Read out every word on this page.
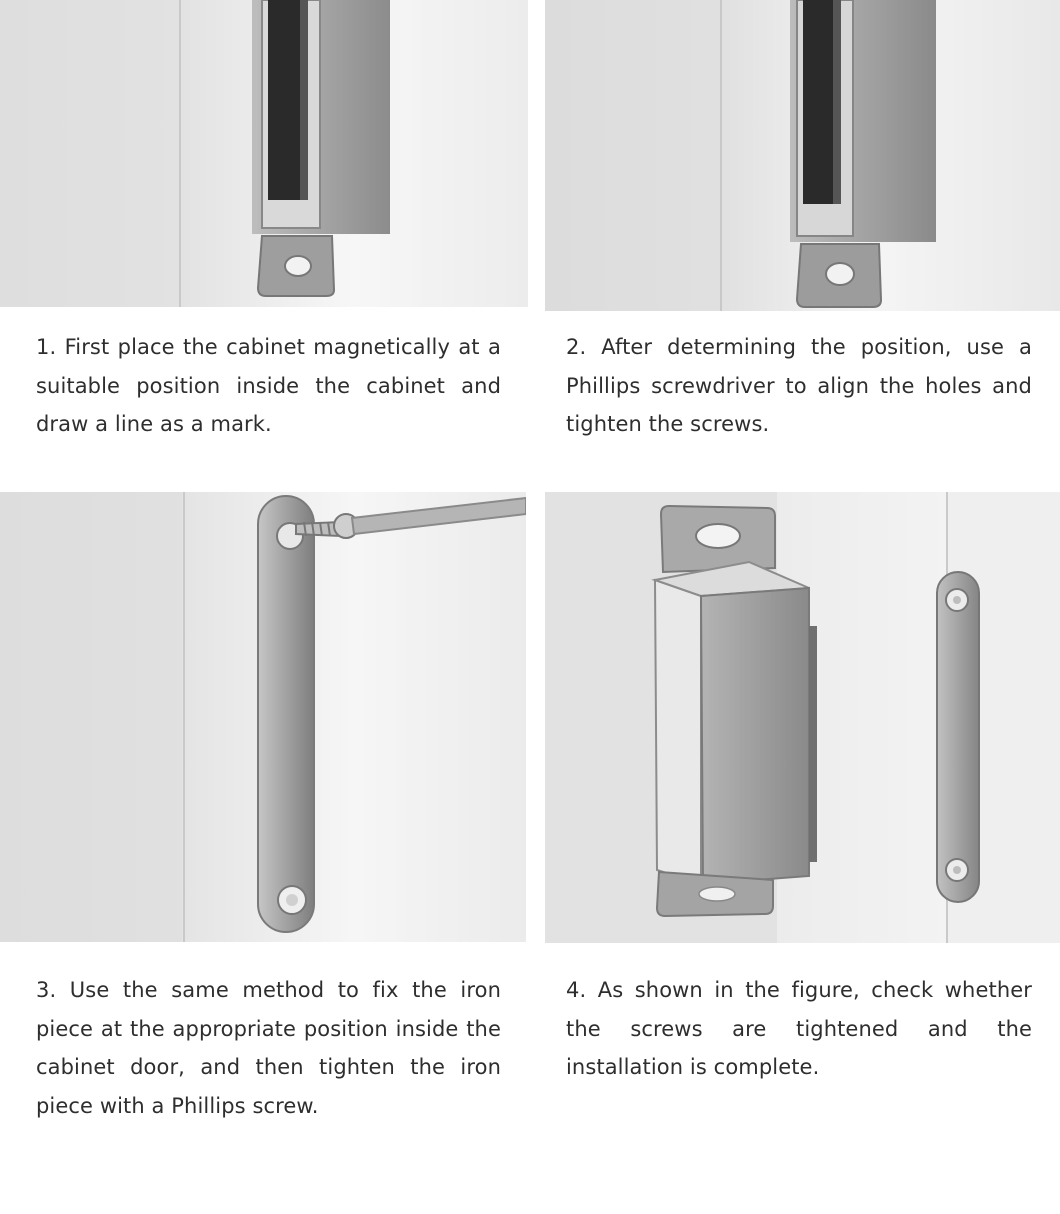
1. First place the cabinet magnetically at a suitable position inside the cabinet and draw a line as a mark.

2. After determining the position, use a Phillips screwdriver to align the holes and tighten the screws.

3. Use the same method to fix the iron piece at the appropriate position inside the cabinet door, and then tighten the iron piece with a Phillips screw.

4. As shown in the figure, check whether the screws are tightened and the installation is complete.
